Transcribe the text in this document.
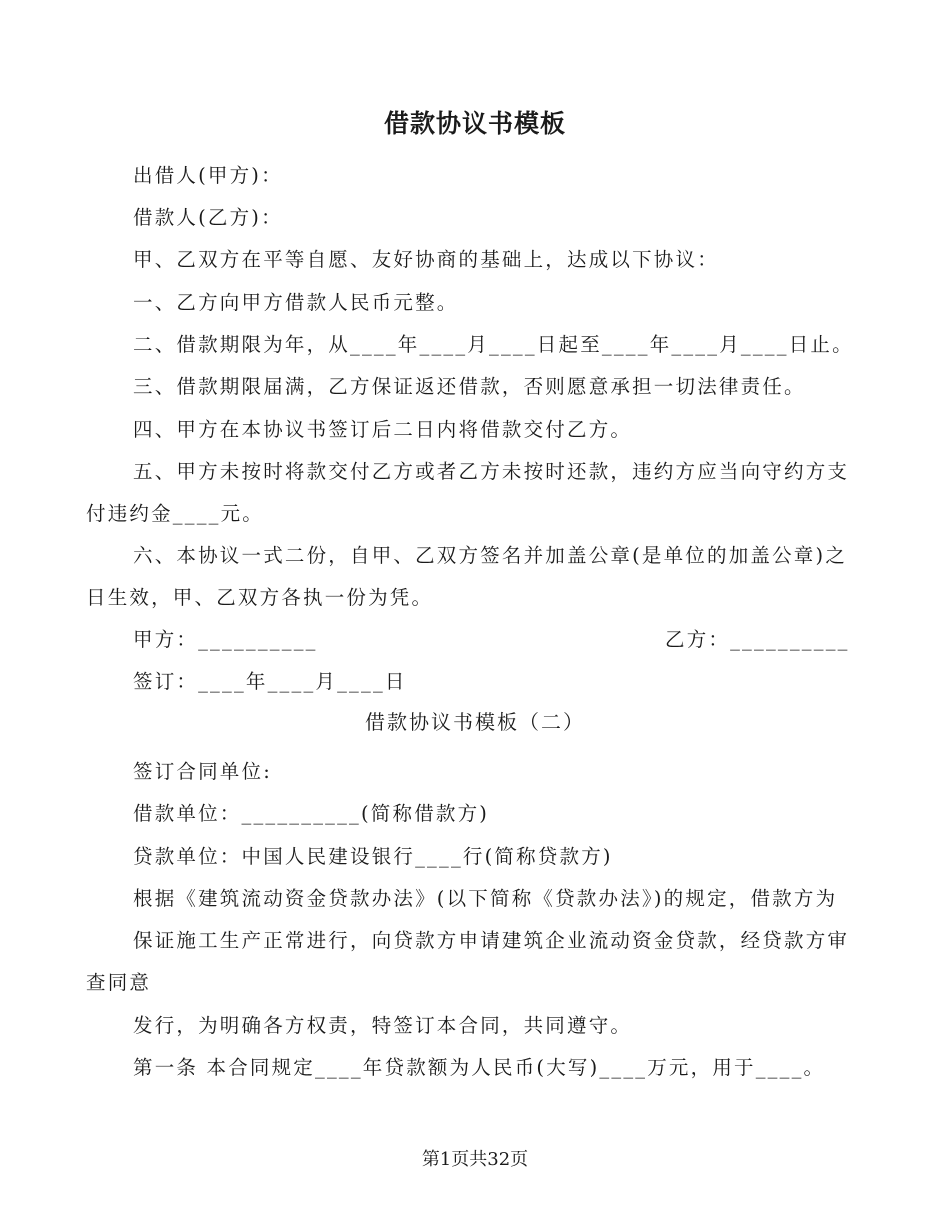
借款协议书模板
出借人(甲方)：
借款人(乙方)：
甲、乙双方在平等自愿、友好协商的基础上，达成以下协议：
一、乙方向甲方借款人民币元整。
二、借款期限为年，从____年____月____日起至____年____月____日止。
三、借款期限届满，乙方保证返还借款，否则愿意承担一切法律责任。
四、甲方在本协议书签订后二日内将借款交付乙方。
五、甲方未按时将款交付乙方或者乙方未按时还款，违约方应当向守约方支
付违约金____元。
六、本协议一式二份，自甲、乙双方签名并加盖公章(是单位的加盖公章)之
日生效，甲、乙双方各执一份为凭。
甲方：__________	乙方：__________
签订：____年____月____日
借款协议书模板（二）
签订合同单位:
借款单位：__________(简称借款方)
贷款单位：中国人民建设银行____行(简称贷款方)
根据《建筑流动资金贷款办法》(以下简称《贷款办法》)的规定，借款方为
保证施工生产正常进行，向贷款方申请建筑企业流动资金贷款，经贷款方审
查同意
发行，为明确各方权责，特签订本合同，共同遵守。
第一条 本合同规定____年贷款额为人民币(大写)____万元，用于____。
第1页共32页
